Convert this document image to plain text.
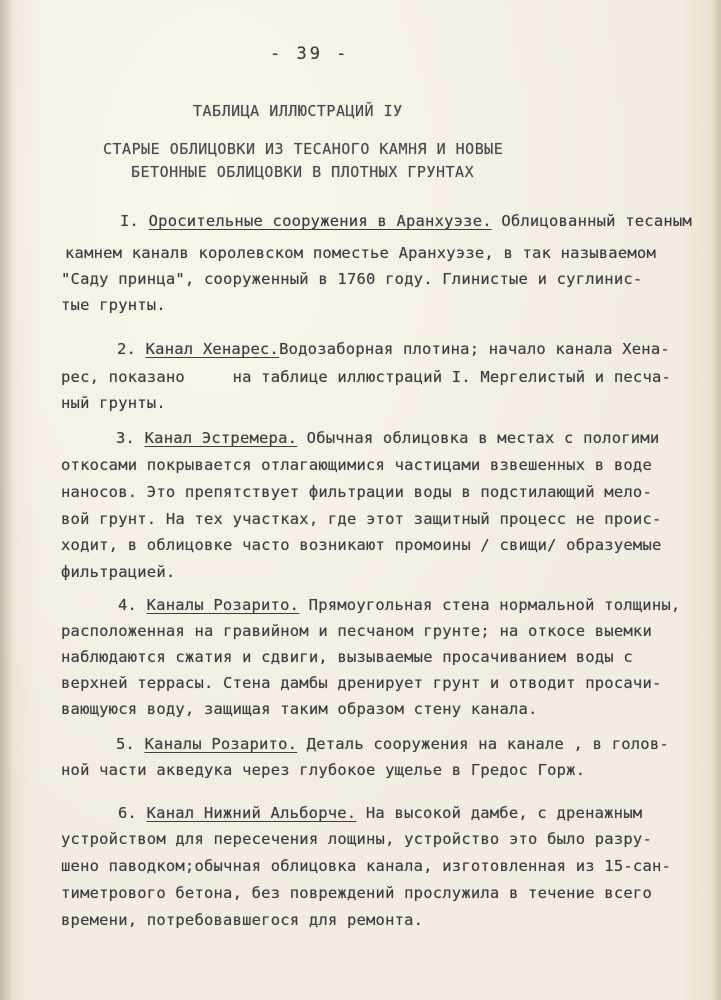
- 39 -
ТАБЛИЦА ИЛЛЮСТРАЦИЙ IУ
СТАРЫЕ ОБЛИЦОВКИ ИЗ ТЕСАНОГО КАМНЯ И НОВЫЕ
БЕТОННЫЕ ОБЛИЦОВКИ В ПЛОТНЫХ ГРУНТАХ
I. Оросительные сооружения в Аранхуэзе. Облицованный тесаным
камнем каналв королевском поместье Аранхуэзе, в так называемом
"Саду принца", сооруженный в 1760 году. Глинистые и суглинис-
тые грунты.
2. Канал Хенарес.Водозаборная плотина; начало канала Хена-
рес, показано     на таблице иллюстраций I. Мергелистый и песча-
ный грунты.
3. Канал Эстремера. Обычная облицовка в местах с пологими
откосами покрывается отлагающимися частицами взвешенных в воде
наносов. Это препятствует фильтрации воды в подстилающий мело-
вой грунт. На тех участках, где этот защитный процесс не проис-
ходит, в облицовке часто возникают промоины / свищи/ образуемые
фильтрацией.
4. Каналы Розарито. Прямоугольная стена нормальной толщины,
расположенная на гравийном и песчаном грунте; на откосе выемки
наблюдаются сжатия и сдвиги, вызываемые просачиванием воды с
верхней террасы. Стена дамбы дренирует грунт и отводит просачи-
вающуюся воду, защищая таким образом стену канала.
5. Каналы Розарито. Деталь сооружения на канале , в голов-
ной части акведука через глубокое ущелье в Гредос Горж.
6. Канал Нижний Альборче. На высокой дамбе, с дренажным
устройством для пересечения лощины, устройство это было разру-
шено паводком;обычная облицовка канала, изготовленная из 15-сан-
тиметрового бетона, без повреждений прослужила в течение всего
времени, потребовавшегося для ремонта.
